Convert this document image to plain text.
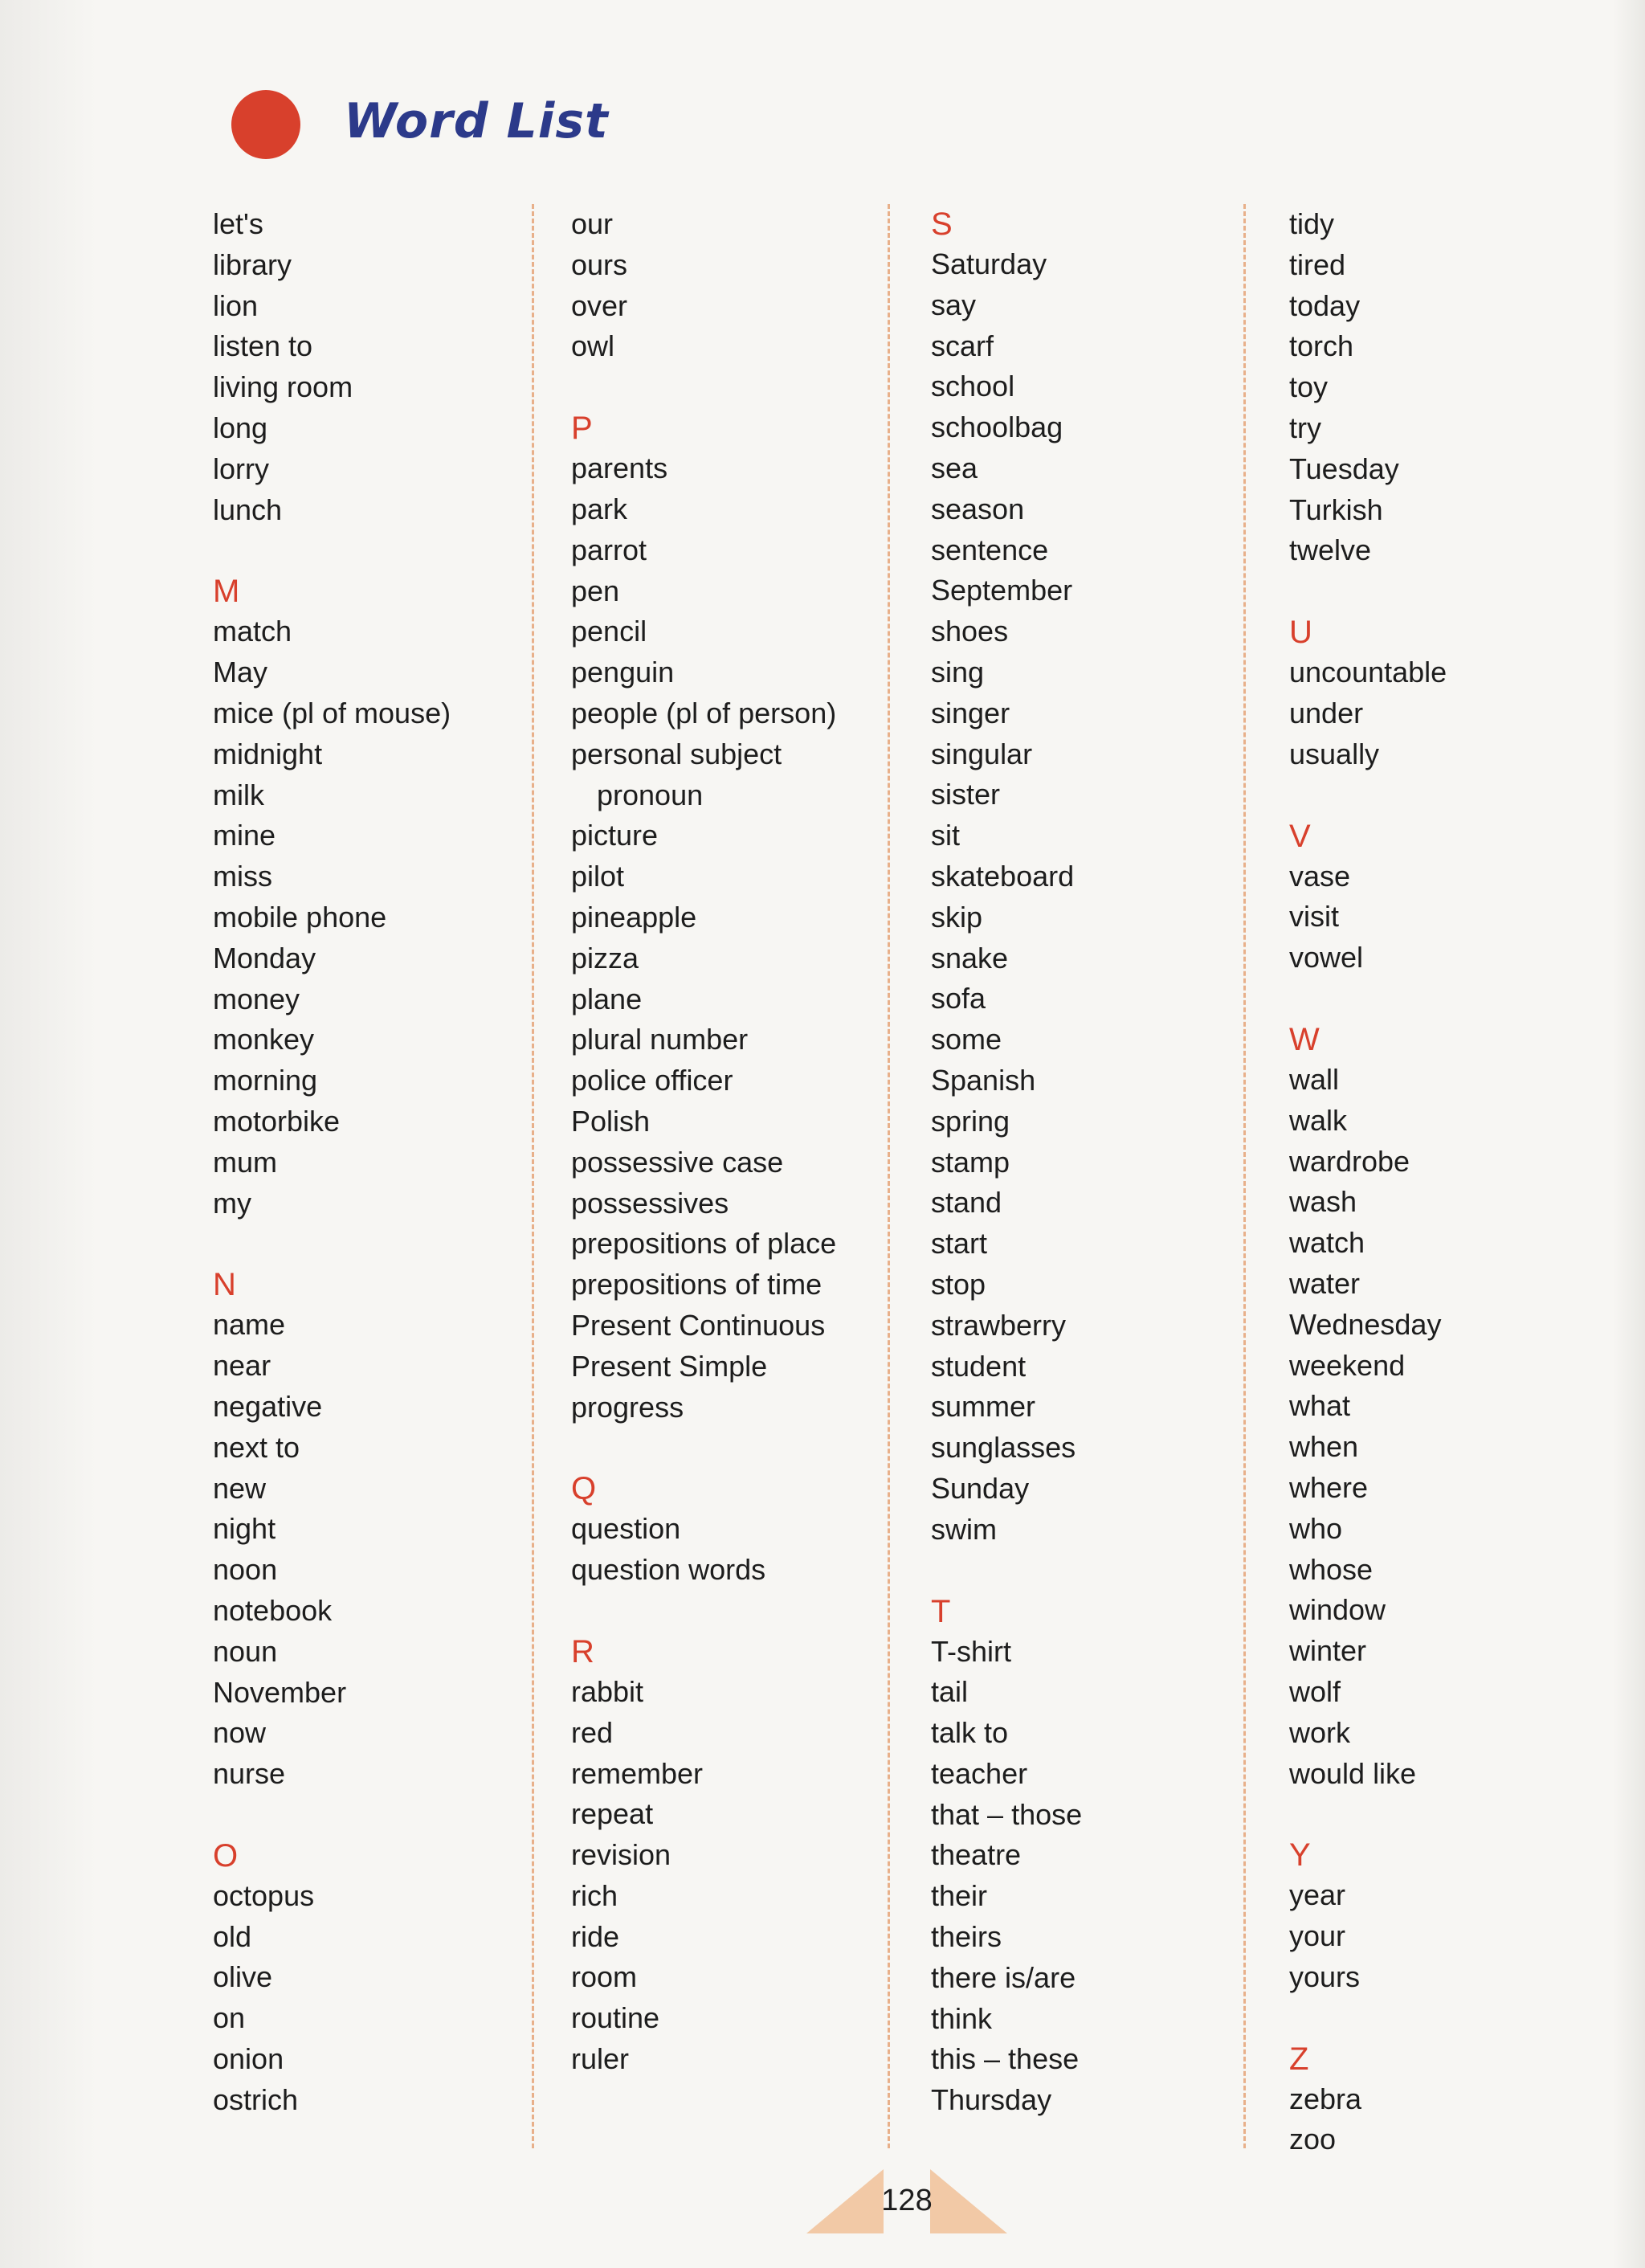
Word List
let's
library
lion
listen to
living room
long
lorry
lunch
M
match
May
mice (pl of mouse)
midnight
milk
mine
miss
mobile phone
Monday
money
monkey
morning
motorbike
mum
my
N
name
near
negative
next to
new
night
noon
notebook
noun
November
now
nurse
O
octopus
old
olive
on
onion
ostrich
our
ours
over
owl
P
parents
park
parrot
pen
pencil
penguin
people (pl of person)
personal subject
pronoun
picture
pilot
pineapple
pizza
plane
plural number
police officer
Polish
possessive case
possessives
prepositions of place
prepositions of time
Present Continuous
Present Simple
progress
Q
question
question words
R
rabbit
red
remember
repeat
revision
rich
ride
room
routine
ruler
S
Saturday
say
scarf
school
schoolbag
sea
season
sentence
September
shoes
sing
singer
singular
sister
sit
skateboard
skip
snake
sofa
some
Spanish
spring
stamp
stand
start
stop
strawberry
student
summer
sunglasses
Sunday
swim
T
T-shirt
tail
talk to
teacher
that – those
theatre
their
theirs
there is/are
think
this – these
Thursday
tidy
tired
today
torch
toy
try
Tuesday
Turkish
twelve
U
uncountable
under
usually
V
vase
visit
vowel
W
wall
walk
wardrobe
wash
watch
water
Wednesday
weekend
what
when
where
who
whose
window
winter
wolf
work
would like
Y
year
your
yours
Z
zebra
zoo
128
